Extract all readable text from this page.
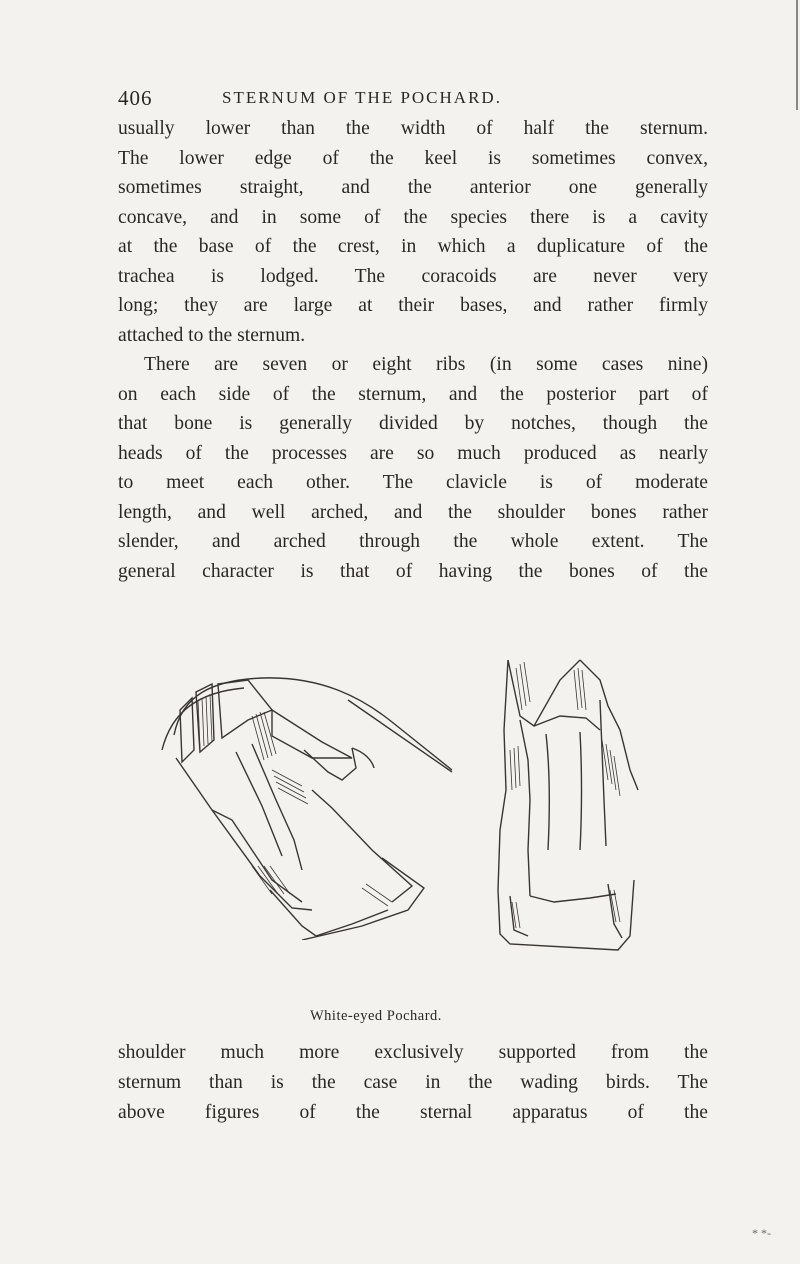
406	STERNUM OF THE POCHARD.
usually lower than the width of half the sternum.
The lower edge of the keel is sometimes convex,
sometimes straight, and the anterior one generally
concave, and in some of the species there is a cavity
at the base of the crest, in which a duplicature of the
trachea is lodged. The coracoids are never very
long; they are large at their bases, and rather firmly
attached to the sternum.
There are seven or eight ribs (in some cases nine)
on each side of the sternum, and the posterior part of
that bone is generally divided by notches, though the
heads of the processes are so much produced as nearly
to meet each other. The clavicle is of moderate
length, and well arched, and the shoulder bones rather
slender, and arched through the whole extent. The
general character is that of having the bones of the
White-eyed Pochard.
shoulder much more exclusively supported from the
sternum than is the case in the wading birds. The
above figures of the sternal apparatus of the
* *-
